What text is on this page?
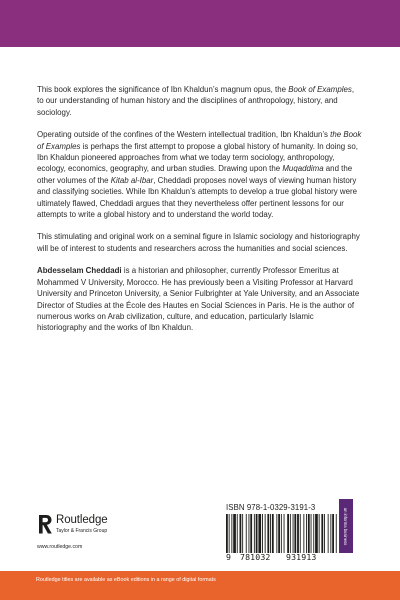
This book explores the significance of Ibn Khaldun’s magnum opus, the Book of Examples, to our understanding of human history and the disciplines of anthropology, history, and sociology.

Operating outside of the confines of the Western intellectual tradition, Ibn Khaldun’s the Book of Examples is perhaps the first attempt to propose a global history of humanity. In doing so, Ibn Khaldun pioneered approaches from what we today term sociology, anthropology, ecology, economics, geography, and urban studies. Drawing upon the Muqaddima and the other volumes of the Kitab al-Ibar, Cheddadi proposes novel ways of viewing human history and classifying societies. While Ibn Khaldun’s attempts to develop a true global history were ultimately flawed, Cheddadi argues that they nevertheless offer pertinent lessons for our attempts to write a global history and to understand the world today.

This stimulating and original work on a seminal figure in Islamic sociology and historiography will be of interest to students and researchers across the humanities and social sciences.

Abdesselam Cheddadi is a historian and philosopher, currently Professor Emeritus at Mohammed V University, Morocco. He has previously been a Visiting Professor at Harvard University and Princeton University, a Senior Fulbrighter at Yale University, and an Associate Director of Studies at the École des Hautes en Social Sciences in Paris. He is the author of numerous works on Arab civilization, culture, and education, particularly Islamic historiography and the works of Ibn Khaldun.

Routledge
Taylor & Francis Group
www.routledge.com
ISBN 978-1-0329-3191-3
9 781032 931913
an informa business
Routledge titles are available as eBook editions in a range of digital formats
